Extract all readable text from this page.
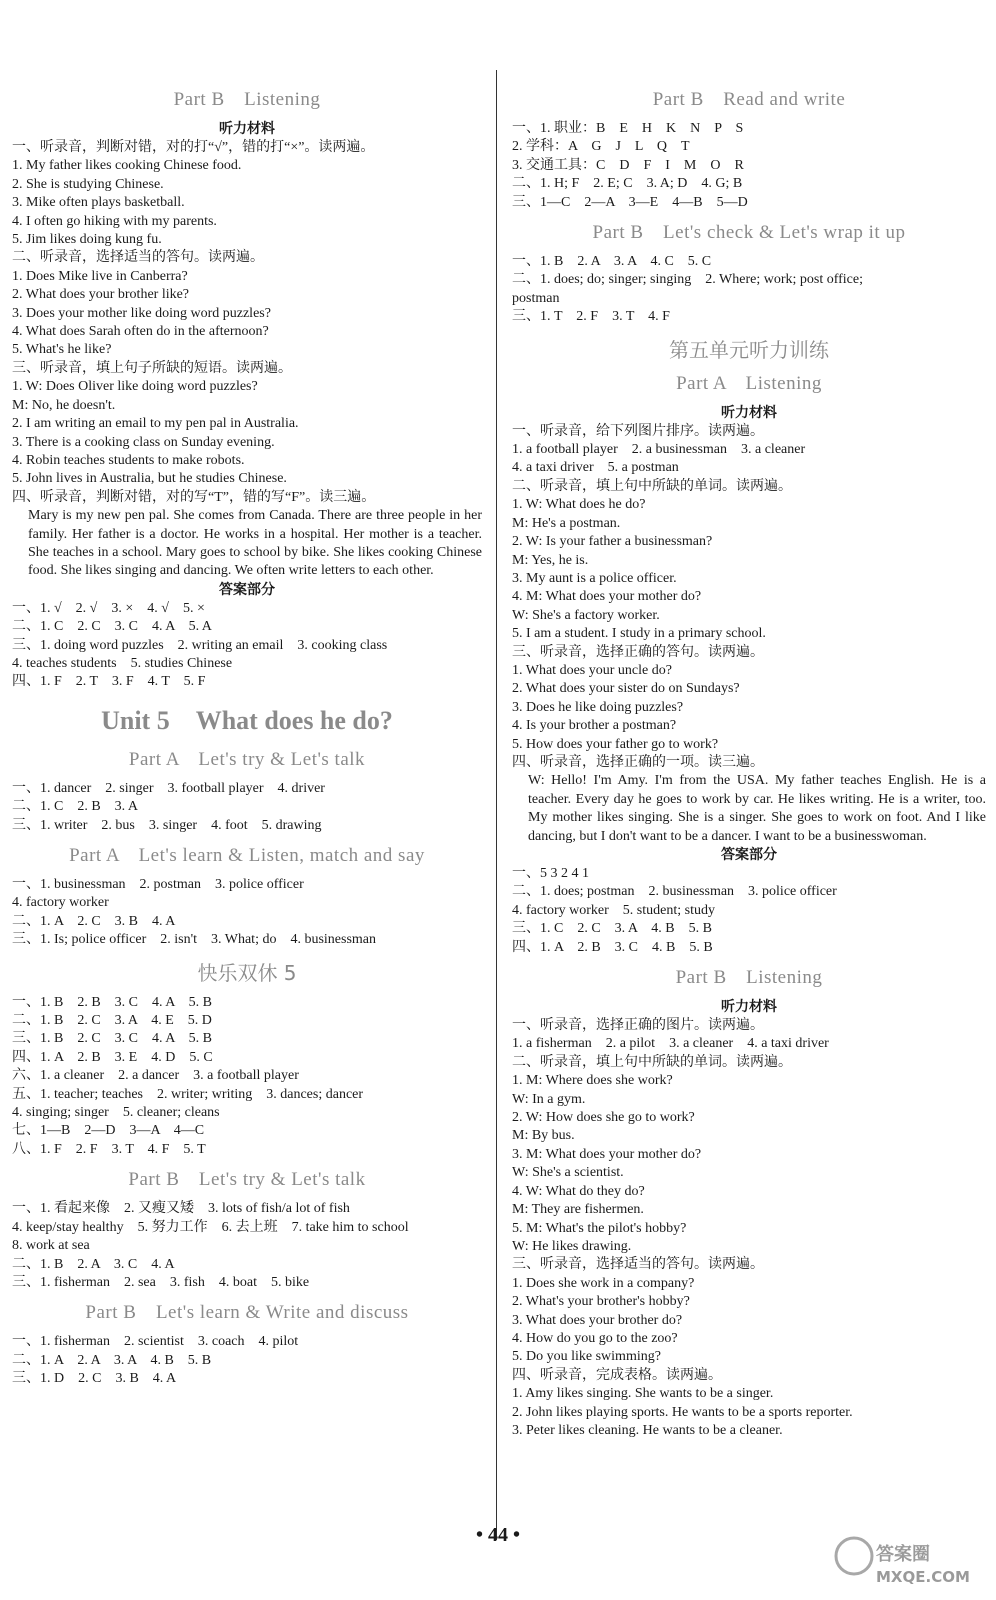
Part B　Listening
听力材料
一、听录音，判断对错，对的打“√”，错的打“×”。读两遍。
1. My father likes cooking Chinese food.
2. She is studying Chinese.
3. Mike often plays basketball.
4. I often go hiking with my parents.
5. Jim likes doing kung fu.
二、听录音，选择适当的答句。读两遍。
1. Does Mike live in Canberra?
2. What does your brother like?
3. Does your mother like doing word puzzles?
4. What does Sarah often do in the afternoon?
5. What's he like?
三、听录音，填上句子所缺的短语。读两遍。
1. W: Does Oliver like doing word puzzles?
M: No, he doesn't.
2. I am writing an email to my pen pal in Australia.
3. There is a cooking class on Sunday evening.
4. Robin teaches students to make robots.
5. John lives in Australia, but he studies Chinese.
四、听录音，判断对错，对的写“T”，错的写“F”。读三遍。
Mary is my new pen pal. She comes from Canada. There are three people in her family. Her father is a doctor. He works in a hospital. Her mother is a teacher. She teaches in a school. Mary goes to school by bike. She likes cooking Chinese food. She likes singing and dancing. We often write letters to each other.
答案部分
一、1. √　2. √　3. ×　4. √　5. ×
二、1. C　2. C　3. C　4. A　5. A
三、1. doing word puzzles　2. writing an email　3. cooking class
4. teaches students　5. studies Chinese
四、1. F　2. T　3. F　4. T　5. F
Unit 5　What does he do?
Part A　Let's try & Let's talk
一、1. dancer　2. singer　3. football player　4. driver
二、1. C　2. B　3. A
三、1. writer　2. bus　3. singer　4. foot　5. drawing
Part A　Let's learn & Listen, match and say
一、1. businessman　2. postman　3. police officer
4. factory worker
二、1. A　2. C　3. B　4. A
三、1. Is; police officer　2. isn't　3. What; do　4. businessman
快乐双休 5
一、1. B　2. B　3. C　4. A　5. B
二、1. B　2. C　3. A　4. E　5. D
三、1. B　2. C　3. C　4. A　5. B
四、1. A　2. B　3. E　4. D　5. C
六、1. a cleaner　2. a dancer　3. a football player
五、1. teacher; teaches　2. writer; writing　3. dances; dancer
4. singing; singer　5. cleaner; cleans
七、1—B　2—D　3—A　4—C
八、1. F　2. F　3. T　4. F　5. T
Part B　Let's try & Let's talk
一、1. 看起来像　2. 又瘦又矮　3. lots of fish/a lot of fish
4. keep/stay healthy　5. 努力工作　6. 去上班　7. take him to school
8. work at sea
二、1. B　2. A　3. C　4. A
三、1. fisherman　2. sea　3. fish　4. boat　5. bike
Part B　Let's learn & Write and discuss
一、1. fisherman　2. scientist　3. coach　4. pilot
二、1. A　2. A　3. A　4. B　5. B
三、1. D　2. C　3. B　4. A
Part B　Read and write
一、1. 职业：B　E　H　K　N　P　S
2. 学科：A　G　J　L　Q　T
3. 交通工具：C　D　F　I　M　O　R
二、1. H; F　2. E; C　3. A; D　4. G; B
三、1—C　2—A　3—E　4—B　5—D
Part B　Let's check & Let's wrap it up
一、1. B　2. A　3. A　4. C　5. C
二、1. does; do; singer; singing　2. Where; work; post office;
postman
三、1. T　2. F　3. T　4. F
第五单元听力训练
Part A　Listening
听力材料
一、听录音，给下列图片排序。读两遍。
1. a football player　2. a businessman　3. a cleaner
4. a taxi driver　5. a postman
二、听录音，填上句中所缺的单词。读两遍。
1. W: What does he do?
M: He's a postman.
2. W: Is your father a businessman?
M: Yes, he is.
3. My aunt is a police officer.
4. M: What does your mother do?
W: She's a factory worker.
5. I am a student. I study in a primary school.
三、听录音，选择正确的答句。读两遍。
1. What does your uncle do?
2. What does your sister do on Sundays?
3. Does he like doing puzzles?
4. Is your brother a postman?
5. How does your father go to work?
四、听录音，选择正确的一项。读三遍。
W: Hello! I'm Amy. I'm from the USA. My father teaches English. He is a teacher. Every day he goes to work by car. He likes writing. He is a writer, too. My mother likes singing. She is a singer. She goes to work on foot. And I like dancing, but I don't want to be a dancer. I want to be a businesswoman.
答案部分
一、5 3 2 4 1
二、1. does; postman　2. businessman　3. police officer
4. factory worker　5. student; study
三、1. C　2. C　3. A　4. B　5. B
四、1. A　2. B　3. C　4. B　5. B
Part B　Listening
听力材料
一、听录音，选择正确的图片。读两遍。
1. a fisherman　2. a pilot　3. a cleaner　4. a taxi driver
二、听录音，填上句中所缺的单词。读两遍。
1. M: Where does she work?
W: In a gym.
2. W: How does she go to work?
M: By bus.
3. M: What does your mother do?
W: She's a scientist.
4. W: What do they do?
M: They are fishermen.
5. M: What's the pilot's hobby?
W: He likes drawing.
三、听录音，选择适当的答句。读两遍。
1. Does she work in a company?
2. What's your brother's hobby?
3. What does your brother do?
4. How do you go to the zoo?
5. Do you like swimming?
四、听录音，完成表格。读两遍。
1. Amy likes singing. She wants to be a singer.
2. John likes playing sports. He wants to be a sports reporter.
3. Peter likes cleaning. He wants to be a cleaner.
• 44 •
答案圈
MXQE.COM
